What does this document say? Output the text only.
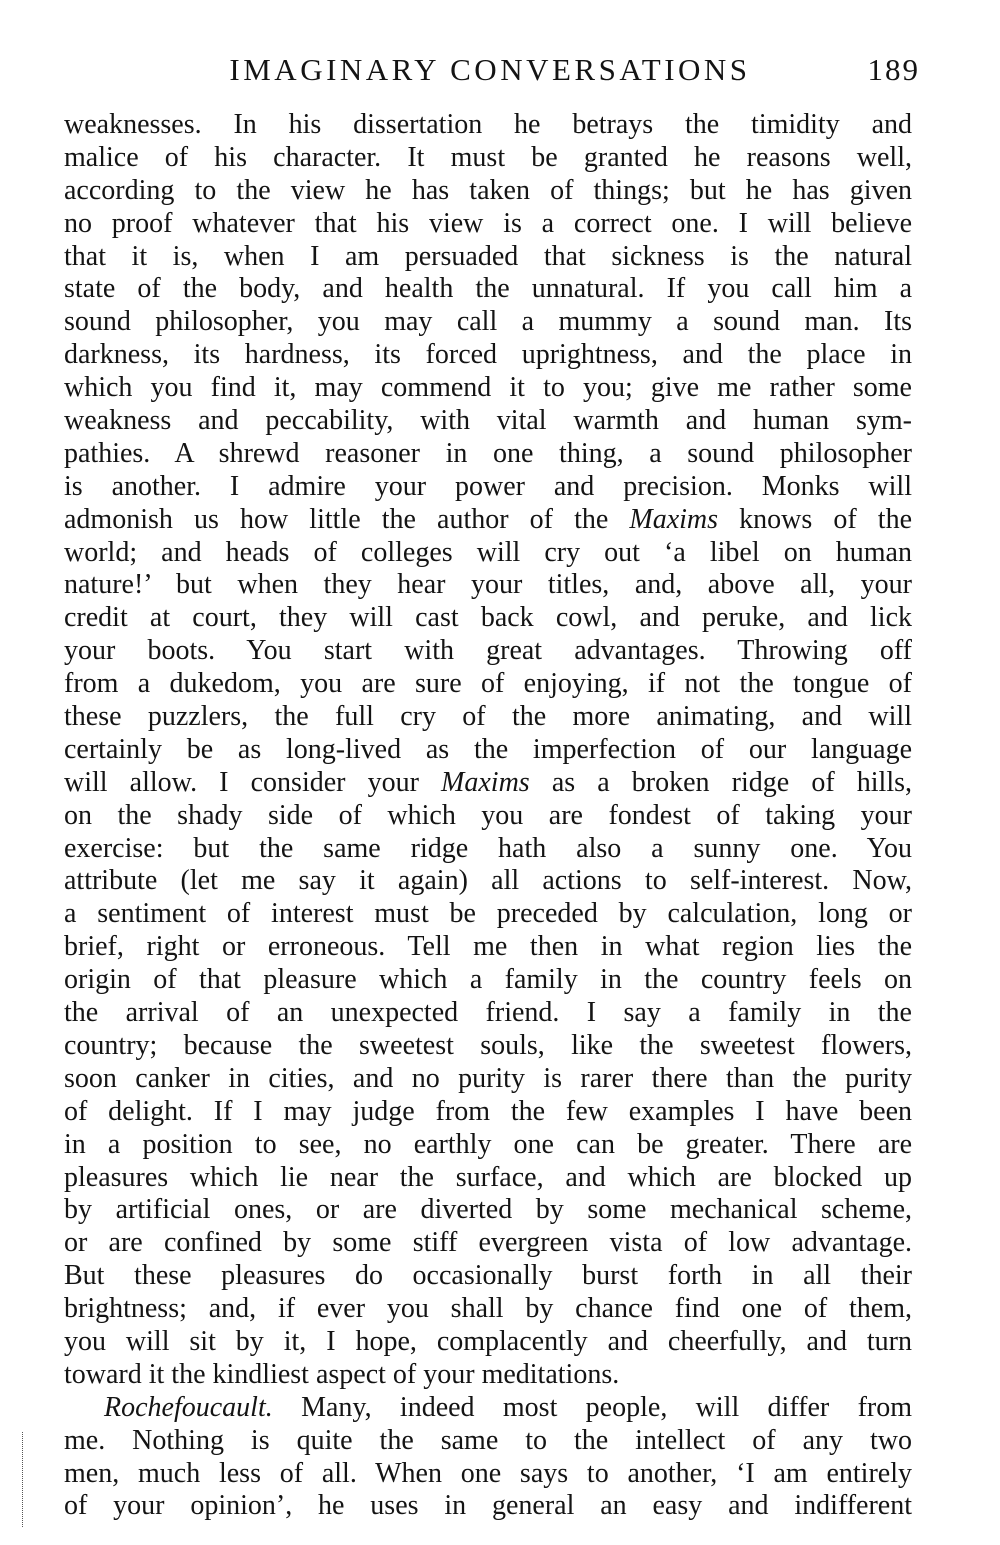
IMAGINARY CONVERSATIONS	189
weaknesses. In his dissertation he betrays the timidity and
malice of his character. It must be granted he reasons well,
according to the view he has taken of things; but he has given
no proof whatever that his view is a correct one. I will believe
that it is, when I am persuaded that sickness is the natural
state of the body, and health the unnatural. If you call him a
sound philosopher, you may call a mummy a sound man. Its
darkness, its hardness, its forced uprightness, and the place in
which you find it, may commend it to you; give me rather some
weakness and peccability, with vital warmth and human sym-
pathies. A shrewd reasoner in one thing, a sound philosopher
is another. I admire your power and precision. Monks will
admonish us how little the author of the Maxims knows of the
world; and heads of colleges will cry out ‘a libel on human
nature!’ but when they hear your titles, and, above all, your
credit at court, they will cast back cowl, and peruke, and lick
your boots. You start with great advantages. Throwing off
from a dukedom, you are sure of enjoying, if not the tongue of
these puzzlers, the full cry of the more animating, and will
certainly be as long-lived as the imperfection of our language
will allow. I consider your Maxims as a broken ridge of hills,
on the shady side of which you are fondest of taking your
exercise: but the same ridge hath also a sunny one. You
attribute (let me say it again) all actions to self-interest. Now,
a sentiment of interest must be preceded by calculation, long or
brief, right or erroneous. Tell me then in what region lies the
origin of that pleasure which a family in the country feels on
the arrival of an unexpected friend. I say a family in the
country; because the sweetest souls, like the sweetest flowers,
soon canker in cities, and no purity is rarer there than the purity
of delight. If I may judge from the few examples I have been
in a position to see, no earthly one can be greater. There are
pleasures which lie near the surface, and which are blocked up
by artificial ones, or are diverted by some mechanical scheme,
or are confined by some stiff evergreen vista of low advantage.
But these pleasures do occasionally burst forth in all their
brightness; and, if ever you shall by chance find one of them,
you will sit by it, I hope, complacently and cheerfully, and turn
toward it the kindliest aspect of your meditations.
Rochefoucault. Many, indeed most people, will differ from
me. Nothing is quite the same to the intellect of any two
men, much less of all. When one says to another, ‘I am entirely
of your opinion’, he uses in general an easy and indifferent
